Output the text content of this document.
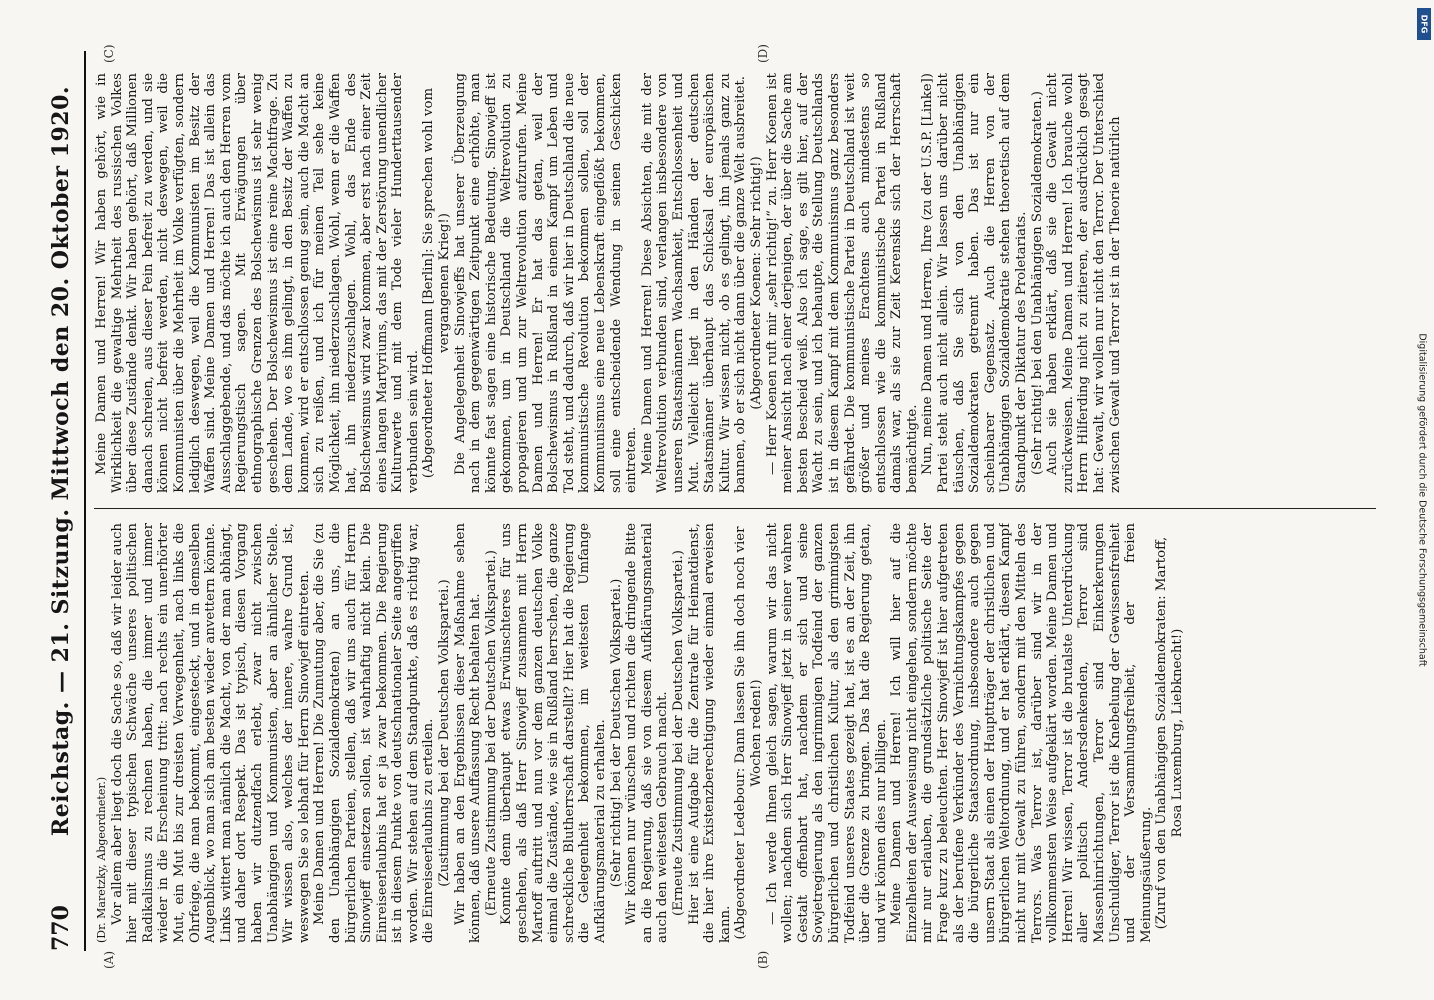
770
Reichstag. — 21. Sitzung. Mittwoch den 20. Oktober 1920.
(A)	(B)
(C)	(D)

(Dr. Maretzky, Abgeordneter.) Vor allem aber liegt doch die Sache so, daß wir leider auch hier mit dieser typischen Schwäche unseres politischen Radikalismus zu rechnen haben, die immer und immer wieder in die Erscheinung tritt: nach rechts ein unerhörter Mut, ein Mut bis zur dreisten Verwegenheit, nach links die Ohrfeige, die man bekommt, eingesteckt, und in demselben Augenblick, wo man sich am besten wieder anvettern könnte. Links wittert man nämlich die Macht, von der man abhängt, und daher dort Respekt. Das ist typisch, diesen Vorgang haben wir dutzendfach erlebt, zwar nicht zwischen Unabhängigen und Kommunisten, aber an ähnlicher Stelle. Wir wissen also, welches der innere, wahre Grund ist, weswegen Sie so lebhaft für Herrn Sinowjeff eintreten. Meine Damen und Herren! Die Zumutung aber, die Sie (zu den Unabhängigen Sozialdemokraten) an uns, die bürgerlichen Parteien, stellen, daß wir uns auch für Herrn Sinowjeff einsetzen sollen, ist wahrhaftig nicht klein. Die Einreiseerlaubnis hat er ja zwar bekommen. Die Regierung ist in diesem Punkte von deutschnationaler Seite angegriffen worden. Wir stehen auf dem Standpunkte, daß es richtig war, die Einreiseerlaubnis zu erteilen. (Zustimmung bei der Deutschen Volkspartei.) Wir haben an den Ergebnissen dieser Maßnahme sehen können, daß unsere Auffassung Recht behalten hat. (Erneute Zustimmung bei der Deutschen Volkspartei.) Konnte denn überhaupt etwas Erwünschteres für uns geschehen, als daß Herr Sinowjeff zusammen mit Herrn Martoff auftritt und nun vor dem ganzen deutschen Volke einmal die Zustände, wie sie in Rußland herrschen, die ganze schreckliche Blutherrschaft darstellt? Hier hat die Regierung die Gelegenheit bekommen, im weitesten Umfange Aufklärungsmaterial zu erhalten. (Sehr richtig! bei der Deutschen Volkspartei.) Wir können nur wünschen und richten die dringende Bitte an die Regierung, daß sie von diesem Aufklärungsmaterial auch den weitesten Gebrauch macht. (Erneute Zustimmung bei der Deutschen Volkspartei.) Hier ist eine Aufgabe für die Zentrale für Heimatdienst, die hier ihre Existenzberechtigung wieder einmal erweisen kann. (Abgeordneter Ledebour: Dann lassen Sie ihn doch noch vier Wochen reden!) — Ich werde Ihnen gleich sagen, warum wir das nicht wollen; nachdem sich Herr Sinowjeff jetzt in seiner wahren Gestalt offenbart hat, nachdem er sich und seine Sowjetregierung als den ingrimmigen Todfeind der ganzen bürgerlichen und christlichen Kultur, als den grimmigsten Todfeind unseres Staates gezeigt hat, ist es an der Zeit, ihn über die Grenze zu bringen. Das hat die Regierung getan, und wir können dies nur billigen. Meine Damen und Herren! Ich will hier auf die Einzelheiten der Ausweisung nicht eingehen, sondern möchte mir nur erlauben, die grundsätzliche politische Seite der Frage kurz zu beleuchten. Herr Sinowjeff ist hier aufgetreten als der berufene Verkünder des Vernichtungskampfes gegen die bürgerliche Staatsordnung, insbesondere auch gegen unsern Staat als einen der Hauptträger der christlichen und bürgerlichen Weltordnung, und er hat erklärt, diesen Kampf nicht nur mit Gewalt zu führen, sondern mit den Mitteln des Terrors. Was Terror ist, darüber sind wir in der vollkommensten Weise aufgeklärt worden. Meine Damen und Herren! Wir wissen, Terror ist die brutalste Unterdrückung aller politisch Andersdenkenden, Terror sind Massenhinrichtungen, Terror sind Einkerkerungen Unschuldiger, Terror ist die Knebelung der Gewissensfreiheit und der Versammlungsfreiheit, der freien Meinungsäußerung. (Zuruf von den Unabhängigen Sozialdemokraten: Martoff, Rosa Luxemburg, Liebknecht!)

Meine Damen und Herren! Wir haben gehört, wie in Wirklichkeit die gewaltige Mehrheit des russischen Volkes über diese Zustände denkt. Wir haben gehört, daß Millionen danach schreien, aus dieser Pein befreit zu werden, und sie können nicht befreit werden, nicht deswegen, weil die Kommunisten über die Mehrheit im Volke verfügten, sondern lediglich deswegen, weil die Kommunisten im Besitz der Waffen sind. Meine Damen und Herren! Das ist allein das Ausschlaggebende, und das möchte ich auch den Herren vom Regierungstisch sagen. Mit Erwägungen über ethnographische Grenzen des Bolschewismus ist sehr wenig geschehen. Der Bolschewismus ist eine reine Machtfrage. Zu dem Lande, wo es ihm gelingt, in den Besitz der Waffen zu kommen, wird er entschlossen genug sein, auch die Macht an sich zu reißen, und ich für meinen Teil sehe keine Möglichkeit, ihn niederzuschlagen. Wohl, wenn er die Waffen hat, ihn niederzuschlagen. Wohl, das Ende des Bolschewismus wird zwar kommen, aber erst nach einer Zeit eines langen Martyriums, das mit der Zerstörung unendlicher Kulturwerte und mit dem Tode vieler Hunderttausender verbunden sein wird. (Abgeordneter Hoffmann [Berlin]: Sie sprechen wohl vom vergangenen Krieg!) Die Angelegenheit Sinowjeffs hat unserer Überzeugung nach in dem gegenwärtigen Zeitpunkt eine erhöhte, man könnte fast sagen eine historische Bedeutung. Sinowjeff ist gekommen, um in Deutschland die Weltrevolution zu propagieren und um zur Weltrevolution aufzurufen. Meine Damen und Herren! Er hat das getan, weil der Bolschewismus in Rußland in einem Kampf um Leben und Tod steht, und dadurch, daß wir hier in Deutschland die neue kommunistische Revolution bekommen sollen, soll der Kommunismus eine neue Lebenskraft eingeflößt bekommen, soll eine entscheidende Wendung in seinen Geschicken eintreten. Meine Damen und Herren! Diese Absichten, die mit der Weltrevolution verbunden sind, verlangen insbesondere von unseren Staatsmännern Wachsamkeit, Entschlossenheit und Mut. Vielleicht liegt in den Händen der deutschen Staatsmänner überhaupt das Schicksal der europäischen Kultur. Wir wissen nicht, ob es gelingt, ihn jemals ganz zu bannen, ob er sich nicht dann über die ganze Welt ausbreitet. (Abgeordneter Koenen: Sehr richtig!) — Herr Koenen ruft mir „sehr richtig!“ zu. Herr Koenen ist meiner Ansicht nach einer derjenigen, der über die Sache am besten Bescheid weiß. Also ich sage, es gilt hier, auf der Wacht zu sein, und ich behaupte, die Stellung Deutschlands ist in diesem Kampf mit dem Kommunismus ganz besonders gefährdet. Die kommunistische Partei in Deutschland ist weit größer und meines Erachtens auch mindestens so entschlossen wie die kommunistische Partei in Rußland damals war, als sie zur Zeit Kerenskis sich der Herrschaft bemächtigte. Nun, meine Damen und Herren, Ihre (zu der U.S.P. [Linke]) Partei steht auch nicht allein. Wir lassen uns darüber nicht täuschen, daß Sie sich von den Unabhängigen Sozialdemokraten getrennt haben. Das ist nur ein scheinbarer Gegensatz. Auch die Herren von der Unabhängigen Sozialdemokratie stehen theoretisch auf dem Standpunkt der Diktatur des Proletariats. (Sehr richtig! bei den Unabhängigen Sozialdemokraten.) Auch sie haben erklärt, daß sie die Gewalt nicht zurückweisen. Meine Damen und Herren! Ich brauche wohl Herrn Hilferding nicht zu zitieren, der ausdrücklich gesagt hat: Gewalt, wir wollen nur nicht den Terror. Der Unterschied zwischen Gewalt und Terror ist in der Theorie natürlich

Digitalisierung gefördert durch die Deutsche Forschungsgemeinschaft
DFG
